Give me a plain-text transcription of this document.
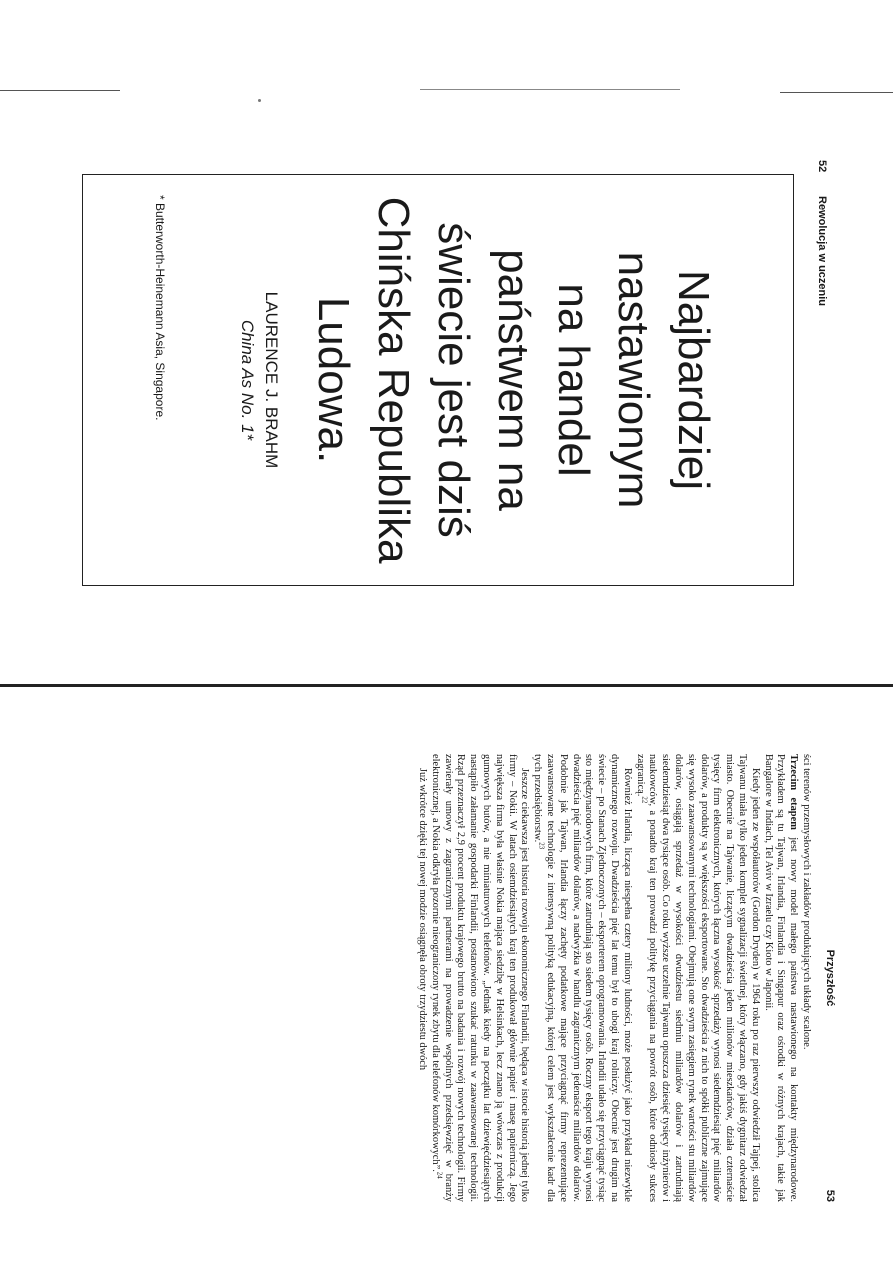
52
Rewolucja w uczeniu
Najbardziej
nastawionym
na handel
państwem na
świecie jest dziś
Chińska Republika
Ludowa.
LAURENCE J. BRAHM
China As No. 1*
* Butterworth-Heinemann Asia, Singapore.
Przyszłość
53

ści terenów przemysłowych i zakładów produkujących układy scalone.

Trzecim etapem jest nowy model małego państwa nastawionego na kontakty międzynarodowe. Przykładem są tu Tajwan, Irlandia, Finlandia i Singapur oraz ośrodki w różnych krajach, takie jak Bangalore w Indiach, Tel Aviv w Izraelu czy Kioto w Japonii.

Kiedy jeden ze współautorów (Gordon Dryden) w 1964 roku po raz pierwszy odwiedził Tajpej, stolica Tajwanu miała tylko jeden komplet sygnalizacji świetlnej, który włączano, gdy jakiś dygnitarz odwiedzał miasto. Obecnie na Tajwanie, liczącym dwadzieścia jeden milionów mieszkańców, działa czternaście tysięcy firm elektronicznych, których łączna wysokość sprzedaży wynosi siedemdziesiąt pięć miliardów dolarów, a produkty są w większości eksportowane. Sto dwadzieścia z nich to spółki publiczne zajmujące się wysoko zaawansowanymi technologiami. Obejmują one swym zasięgiem rynek wartości stu miliardów dolarów, osiągają sprzedaż w wysokości dwudziestu siedmiu miliardów dolarów i zatrudniają siedemdziesiąt dwa tysiące osób. Co roku wyższe uczelnie Tajwanu opuszcza dziesięć tysięcy inżynierów i naukowców, a ponadto kraj ten prowadzi politykę przyciągania na powrót osób, które odniosły sukces zagranicą.$^{22}$

Również Irlandia, licząca niespełna cztery miliony ludności, może posłużyć jako przykład niezwykle dynamicznego rozwoju. Dwadzieścia pięć lat temu był to ubogi kraj rolniczy. Obecnie jest drugim na świecie – po Stanach Zjednoczonych – eksporterem oprogramowania. Irlandii udało się przyciągnąć tysiąc sto międzynarodowych firm, które zatrudniają sto siedem tysięcy osób. Roczny eksport tego kraju wynosi dwadzieścia pięć miliardów dolarów, a nadwyżka w handlu zagranicznym jedenaście miliardów dolarów. Podobnie jak Tajwan, Irlandia łączy zachęty podatkowe mające przyciągnąć firmy reprezentujące zaawansowane technologie z intensywną polityką edukacyjną, której celem jest wykształcenie kadr dla tych przedsiębiorstw.$^{23}$

Jeszcze ciekawsza jest historia rozwoju ekonomicznego Finlandii, będąca w istocie historią jednej tylko firmy – Nokii. W latach osiemdziesiątych kraj ten produkował głównie papier i masę papierniczą. Jego największa firma była właśnie Nokia mająca siedzibę w Helsinkach, lecz znano ją wówczas z produkcji gumowych butów, a nie miniaturowych telefonów. „Jednak kiedy na początku lat dziewięćdziesiątych nastąpiło załamanie gospodarki Finlandii, postanowiono szukać ratunku w zaawansowanej technologii. Rząd przeznaczył 2,9 procent produktu krajowego brutto na badania i rozwój nowych technologii. Firmy zawierały umowy z zagranicznymi partnerami na prowadzenie wspólnych przedsięwzięć w branży elektronicznej, a Nokia odkryła pozornie nieograniczony rynek zbytu dla telefonów komórkowych”.$^{24}$

Już wkrótce dzięki tej nowej modzie osiągnęła obroty trzydziestu dwóch
